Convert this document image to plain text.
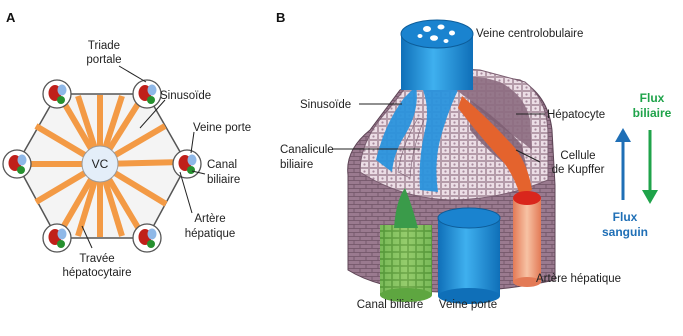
A
VC
Triade
portale
Sinusoïde
Veine porte
Canal
biliaire
Artère
hépatique
Travée
hépatocytaire
B
Veine centrolobulaire
Sinusoïde
Hépatocyte
Canalicule
biliaire
Cellule
de Kupffer
Canal biliaire Veine porte
Artère hépatique
Flux
biliaire
Flux
sanguin
